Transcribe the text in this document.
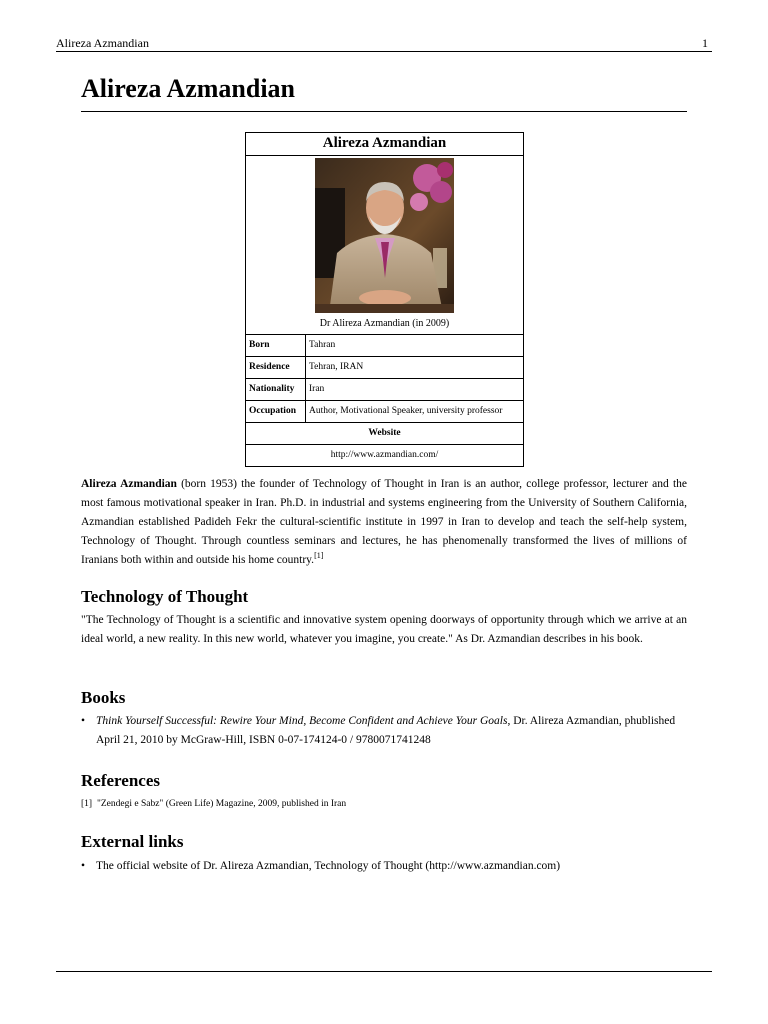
Alireza Azmandian	1
Alireza Azmandian
Alireza Azmandian
Dr Alireza Azmandian (in 2009)
Born	Tahran
Residence	Tehran, IRAN
Nationality	Iran
Occupation	Author, Motivational Speaker, university professor
Website
http://www.azmandian.com/

Alireza Azmandian (born 1953) the founder of Technology of Thought in Iran is an author, college professor, lecturer and the most famous motivational speaker in Iran. Ph.D. in industrial and systems engineering from the University of Southern California, Azmandian established Padideh Fekr the cultural-scientific institute in 1997 in Iran to develop and teach the self-help system, Technology of Thought. Through countless seminars and lectures, he has phenomenally transformed the lives of millions of Iranians both within and outside his home country.[1]

Technology of Thought

"The Technology of Thought is a scientific and innovative system opening doorways of opportunity through which we arrive at an ideal world, a new reality. In this new world, whatever you imagine, you create." As Dr. Azmandian describes in his book.

Books
• Think Yourself Successful: Rewire Your Mind, Become Confident and Achieve Your Goals, Dr. Alireza Azmandian, phublished April 21, 2010 by McGraw-Hill, ISBN 0-07-174124-0 / 9780071741248
References
[1] "Zendegi e Sabz" (Green Life) Magazine, 2009, published in Iran
External links
• The official website of Dr. Alireza Azmandian, Technology of Thought (http://www.azmandian.com)
